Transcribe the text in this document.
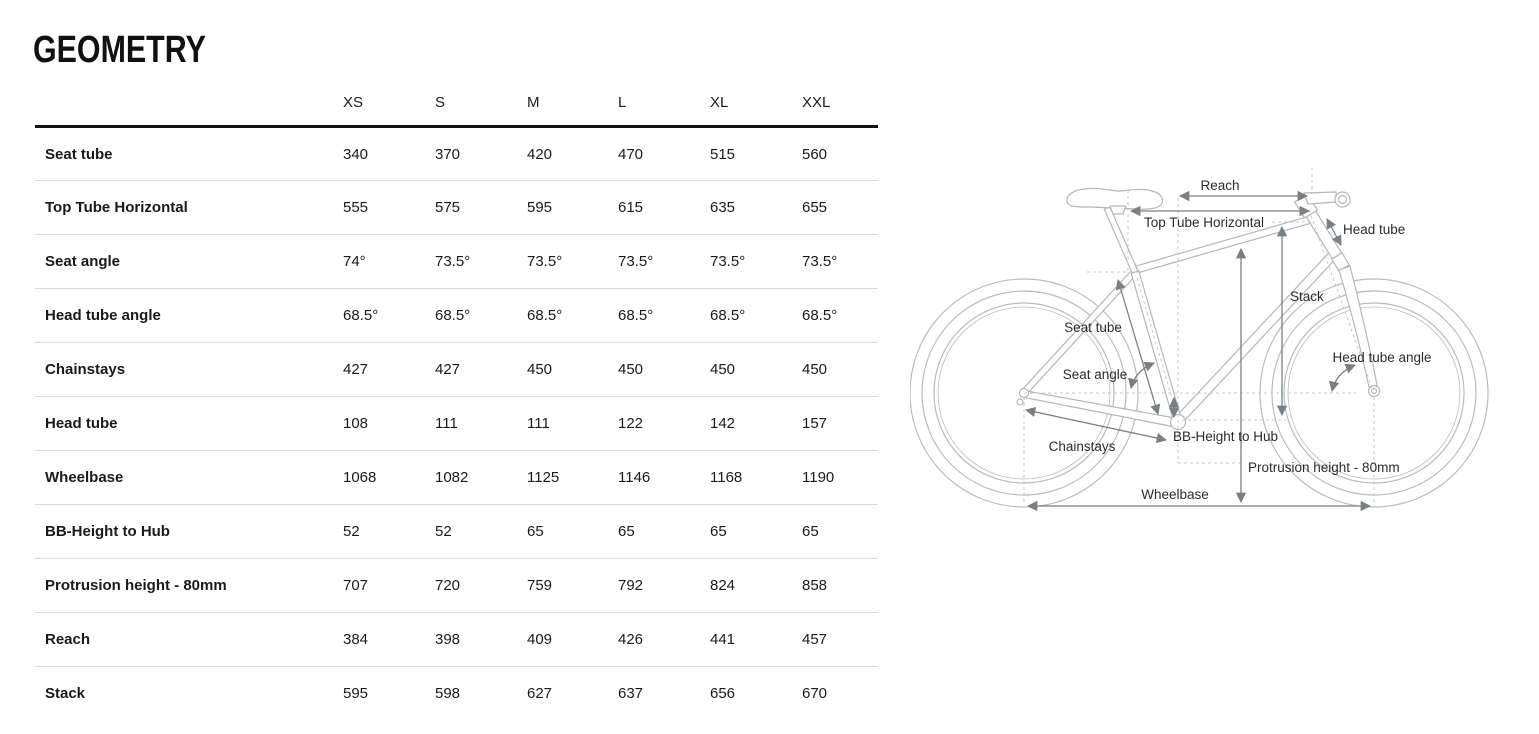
GEOMETRY
	XS	S	M	L	XL	XXL
Seat tube	340	370	420	470	515	560
Top Tube Horizontal	555	575	595	615	635	655
Seat angle	74°	73.5°	73.5°	73.5°	73.5°	73.5°
Head tube angle	68.5°	68.5°	68.5°	68.5°	68.5°	68.5°
Chainstays	427	427	450	450	450	450
Head tube	108	111	111	122	142	157
Wheelbase	1068	1082	1125	1146	1168	1190
BB-Height to Hub	52	52	65	65	65	65
Protrusion height - 80mm	707	720	759	792	824	858
Reach	384	398	409	426	441	457
Stack	595	598	627	637	656	670
Reach
Top Tube Horizontal	Head tube
Stack
Seat tube
Seat angle
Head tube angle
Chainstays
BB-Height to Hub
Protrusion height - 80mm
Wheelbase
